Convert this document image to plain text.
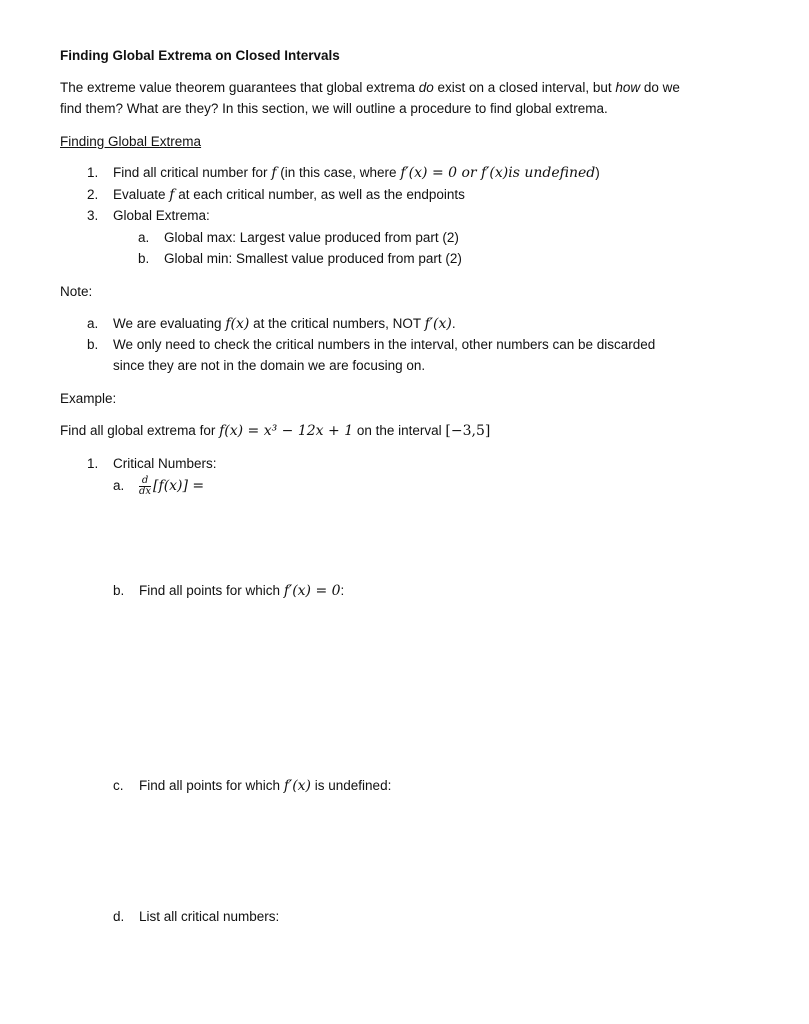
Finding Global Extrema on Closed Intervals
The extreme value theorem guarantees that global extrema do exist on a closed interval, but how do we
find them? What are they? In this section, we will outline a procedure to find global extrema.
Finding Global Extrema
1. Find all critical number for f (in this case, where f′(x) = 0 or f′(x)is undefined)
2. Evaluate f at each critical number, as well as the endpoints
3. Global Extrema:
a. Global max: Largest value produced from part (2)
b. Global min: Smallest value produced from part (2)
Note:
a. We are evaluating f(x) at the critical numbers, NOT f′(x).
b. We only need to check the critical numbers in the interval, other numbers can be discarded
since they are not in the domain we are focusing on.
Example:
Find all global extrema for f(x) = x³ − 12x + 1 on the interval [−3,5]
1. Critical Numbers:
a. $\frac{d}{dx} [f(x)]$ =
b. Find all points for which f′(x) = 0:
c. Find all points for which f′(x) is undefined:
d. List all critical numbers:
